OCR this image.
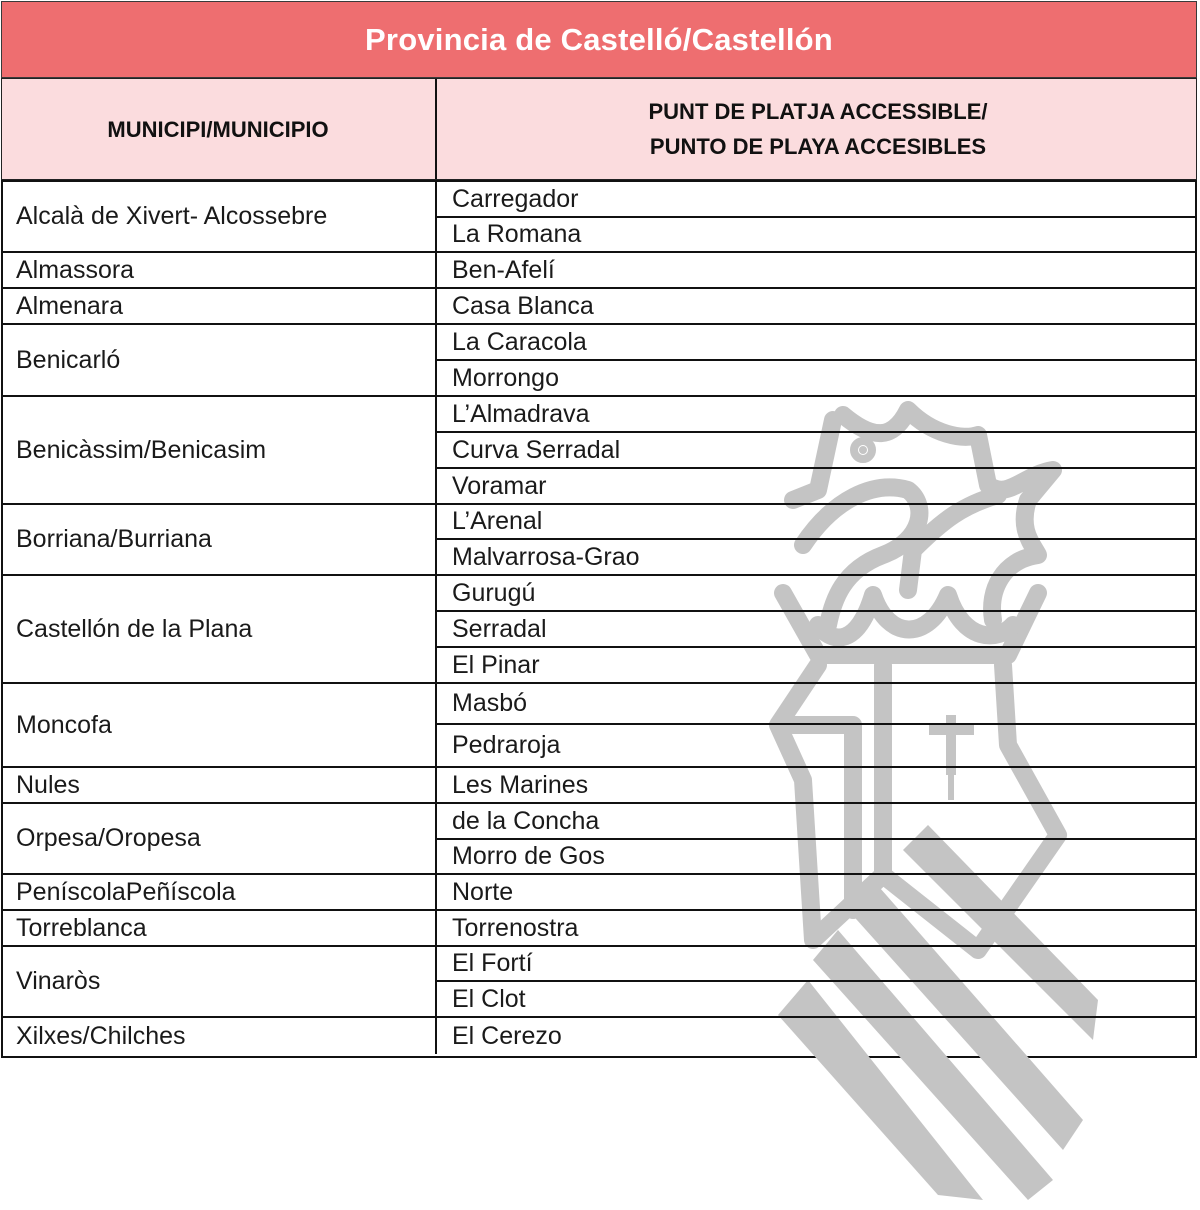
Provincia de Castelló/Castellón
MUNICIPI/MUNICIPIO
PUNT DE PLATJA ACCESSIBLE/
PUNTO DE PLAYA ACCESIBLES
Carregador
La Romana
Alcalà de Xivert- Alcossebre
Ben-Afelí
Almassora
Casa Blanca
Almenara
La Caracola
Morrongo
Benicarló
L’Almadrava
Curva Serradal
Voramar
Benicàssim/Benicasim
L’Arenal
Malvarrosa-Grao
Borriana/Burriana
Gurugú
Serradal
El Pinar
Castellón de la Plana
Masbó
Pedraroja
Moncofa
Les Marines
Nules
de la Concha
Morro de Gos
Orpesa/Oropesa
Norte
PeníscolaPeñíscola
Torrenostra
Torreblanca
El Fortí
El Clot
Vinaròs
El Cerezo
Xilxes/Chilches
